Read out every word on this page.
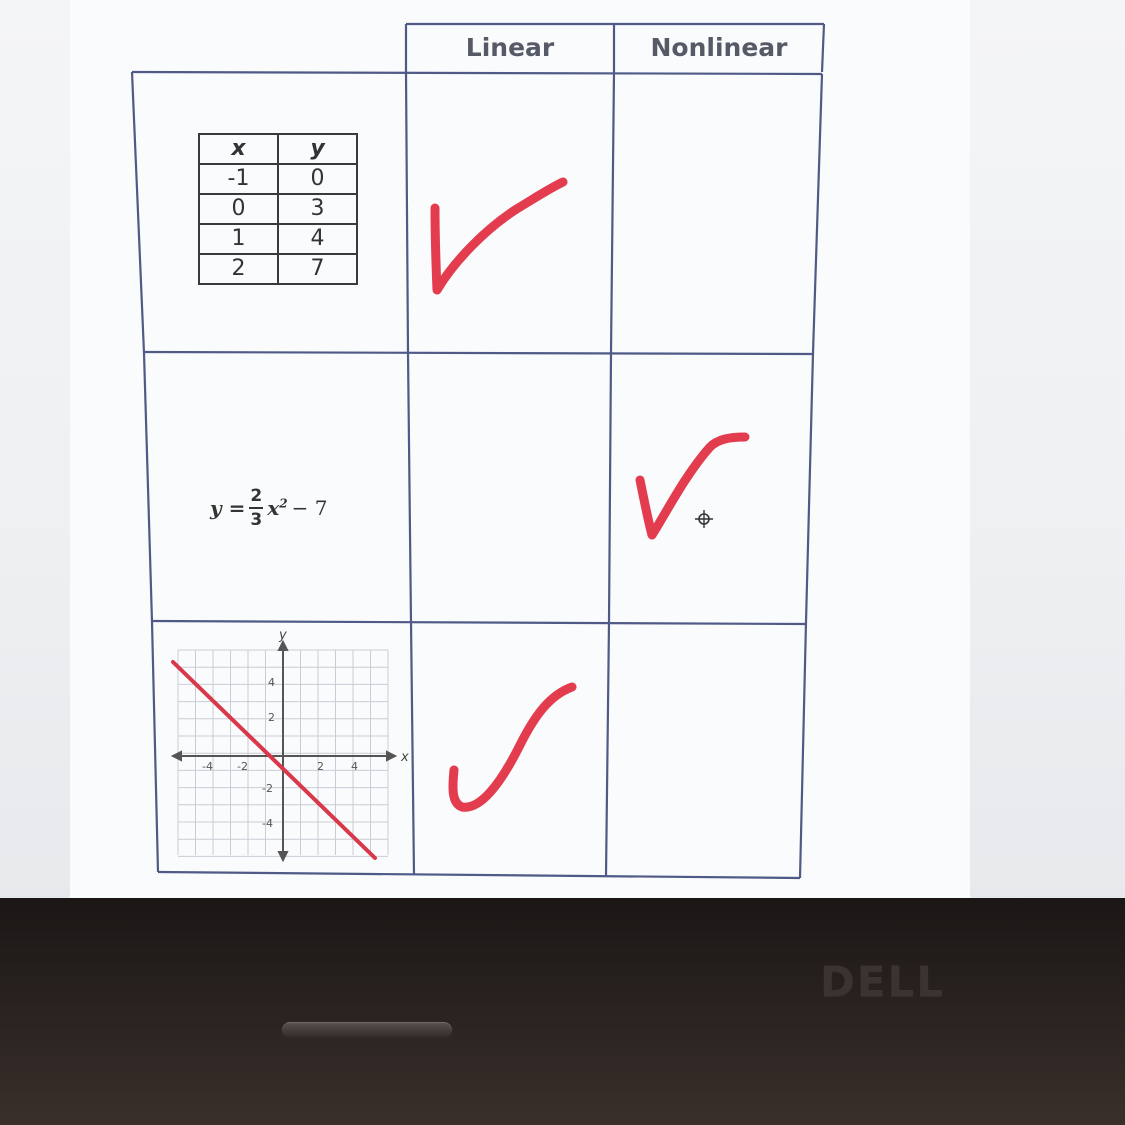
Linear	Nonlinear
x	y
-1	0
0	3
1	4
2	7
$y = \frac{2}{3} x^2 - 7$
x
y
-4 -2	2 4
4
2
-2
-4
DELL
